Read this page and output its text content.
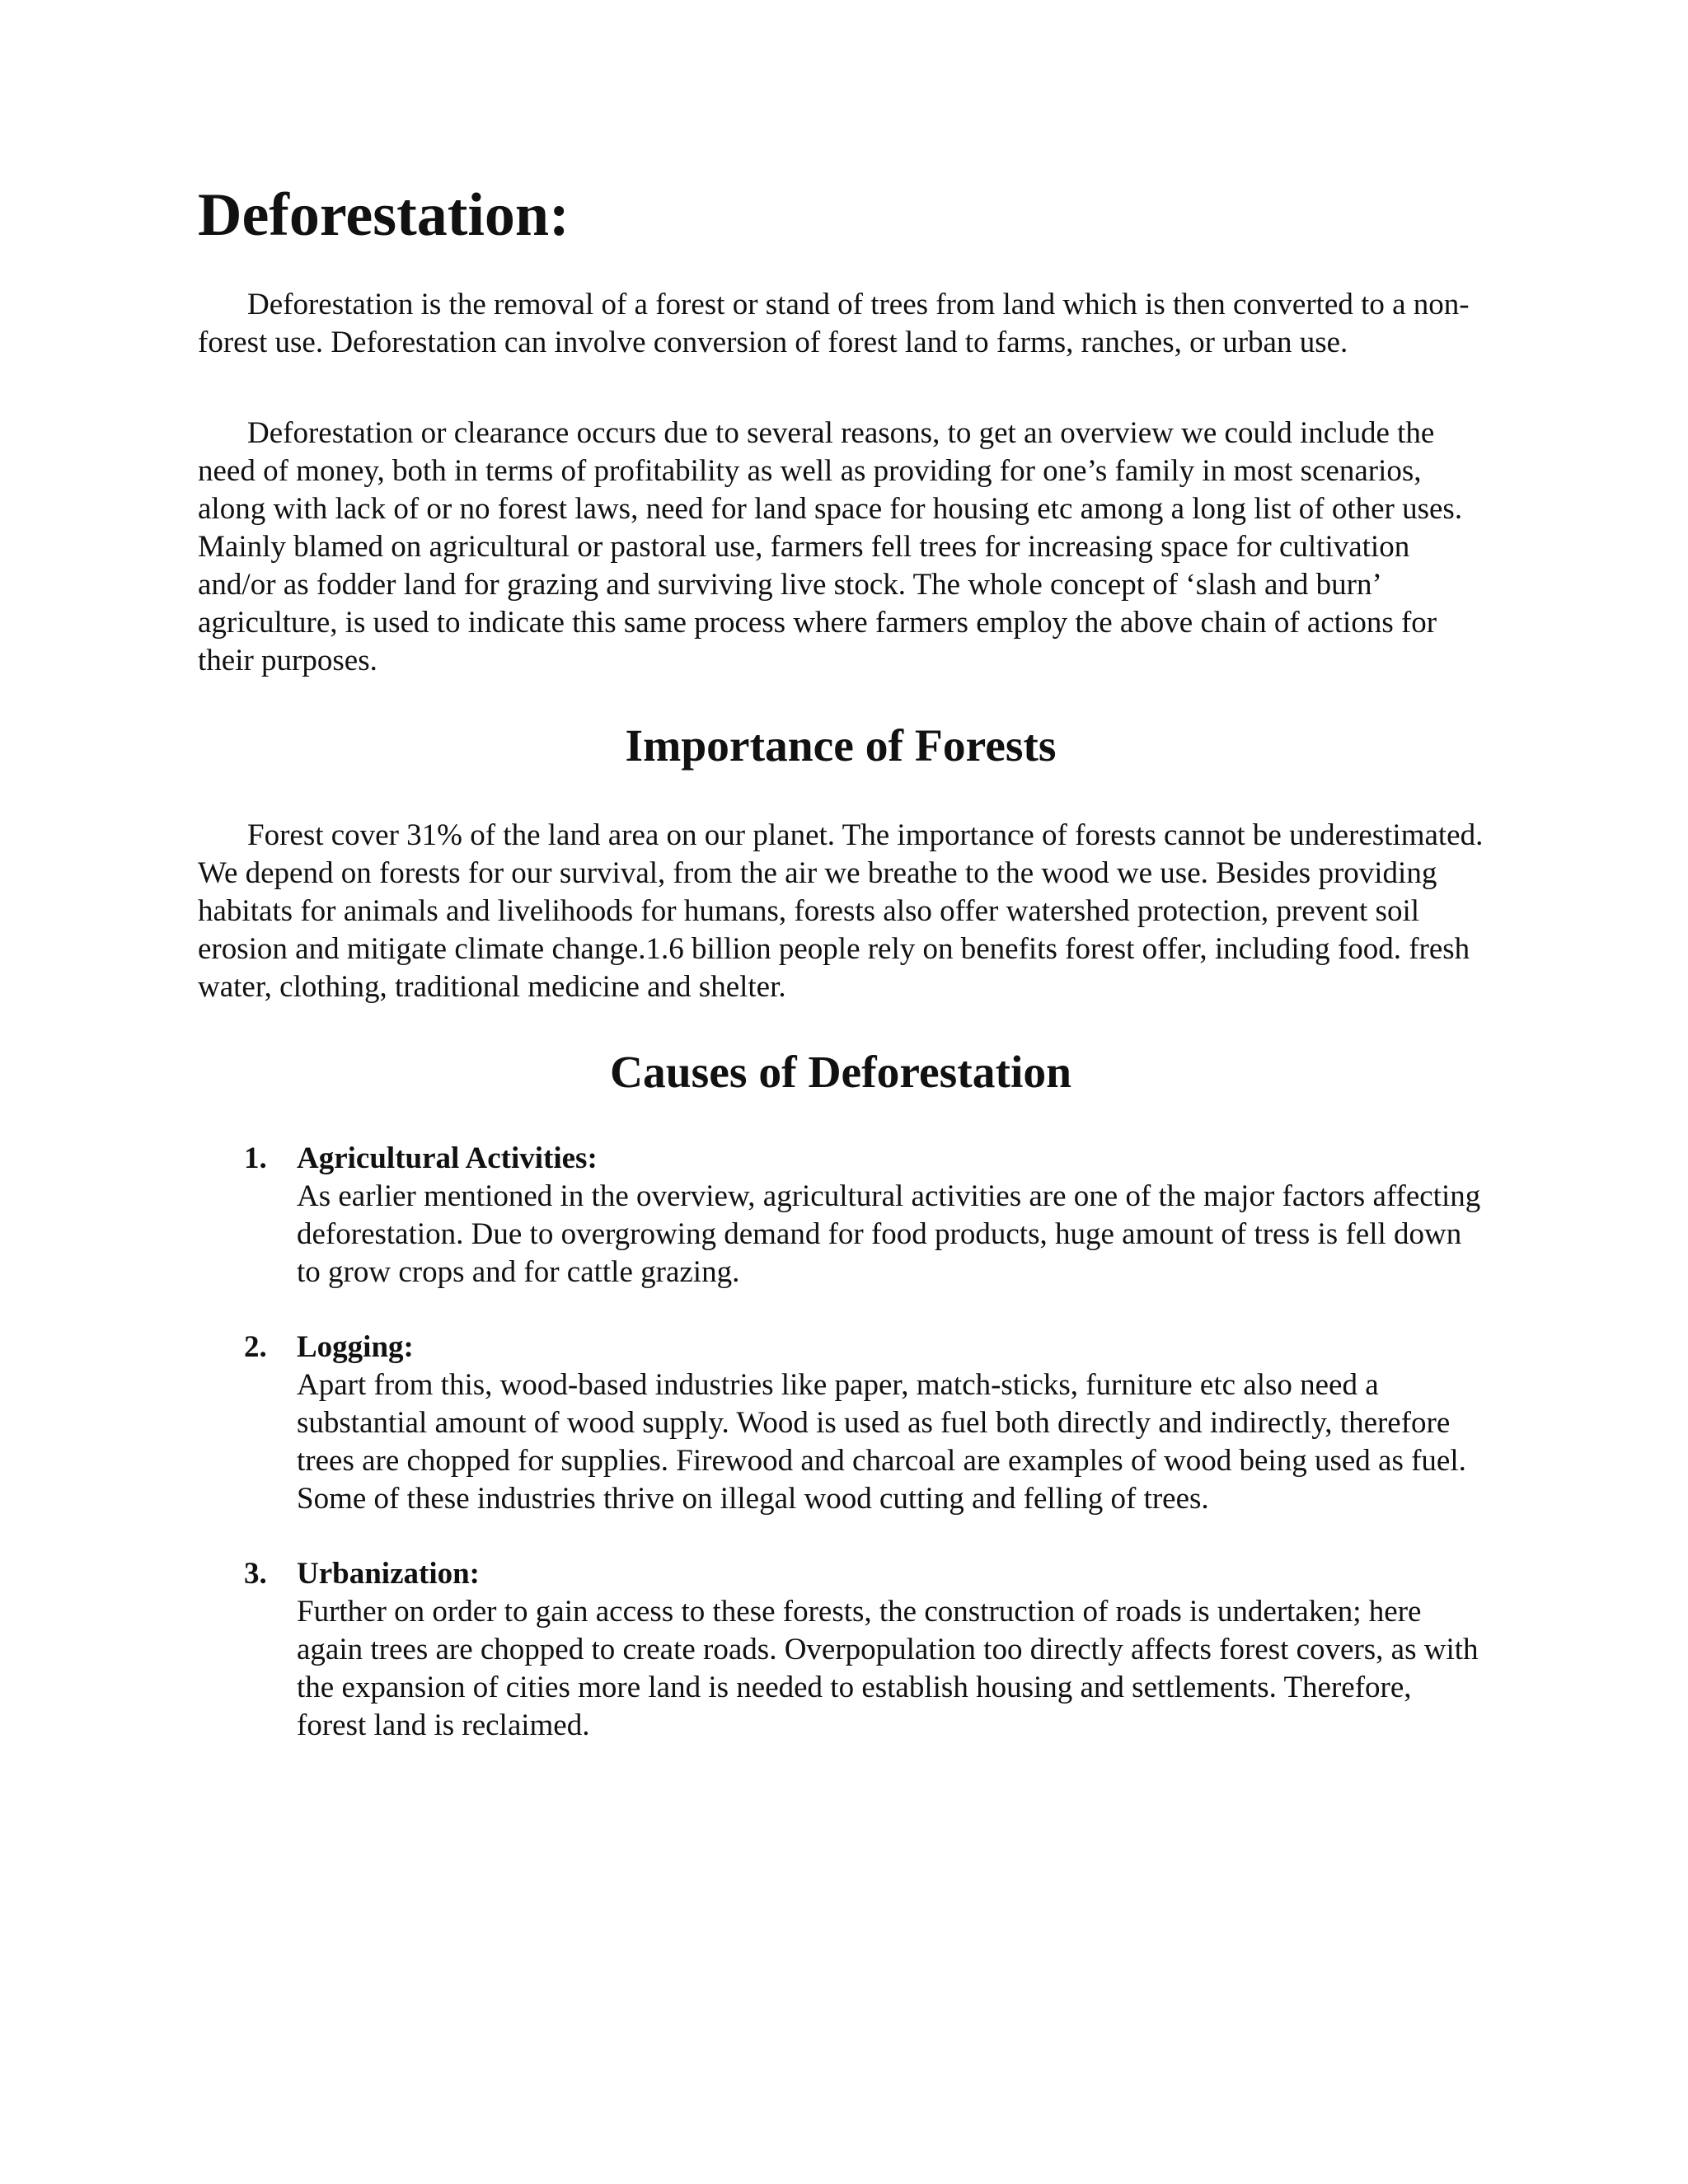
Deforestation:

Deforestation is the removal of a forest or stand of trees from land which is then converted to a non-forest use. Deforestation can involve conversion of forest land to farms, ranches, or urban use.

Deforestation or clearance occurs due to several reasons, to get an overview we could include the need of money, both in terms of profitability as well as providing for one’s family in most scenarios, along with lack of or no forest laws, need for land space for housing etc among a long list of other uses. Mainly blamed on agricultural or pastoral use, farmers fell trees for increasing space for cultivation and/or as fodder land for grazing and surviving live stock. The whole concept of ‘slash and burn’ agriculture, is used to indicate this same process where farmers employ the above chain of actions for their purposes.

Importance of Forests

Forest cover 31% of the land area on our planet. The importance of forests cannot be underestimated. We depend on forests for our survival, from the air we breathe to the wood we use. Besides providing habitats for animals and livelihoods for humans, forests also offer watershed protection, prevent soil erosion and mitigate climate change.1.6 billion people rely on benefits forest offer, including food. fresh water, clothing, traditional medicine and shelter.

Causes of Deforestation
1. Agricultural Activities:
As earlier mentioned in the overview, agricultural activities are one of the major factors affecting deforestation. Due to overgrowing demand for food products, huge amount of tress is fell down to grow crops and for cattle grazing.
2. Logging:
Apart from this, wood-based industries like paper, match-sticks, furniture etc also need a substantial amount of wood supply. Wood is used as fuel both directly and indirectly, therefore trees are chopped for supplies. Firewood and charcoal are examples of wood being used as fuel. Some of these industries thrive on illegal wood cutting and felling of trees.
3. Urbanization:
Further on order to gain access to these forests, the construction of roads is undertaken; here again trees are chopped to create roads. Overpopulation too directly affects forest covers, as with the expansion of cities more land is needed to establish housing and settlements. Therefore, forest land is reclaimed.
